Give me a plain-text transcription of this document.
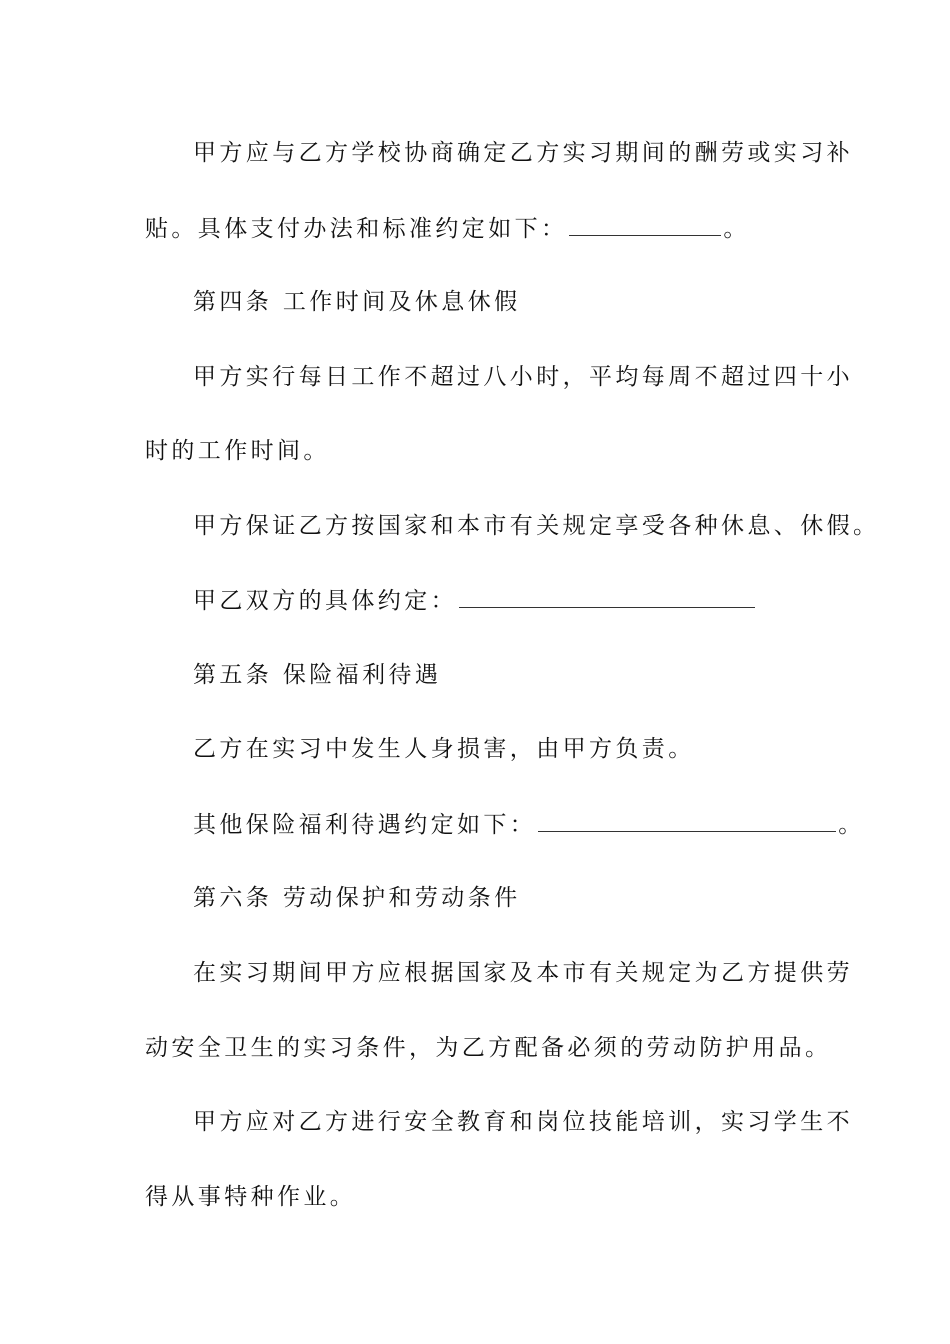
甲方应与乙方学校协商确定乙方实习期间的酬劳或实习补
贴。具体支付办法和标准约定如下：	。
第四条 工作时间及休息休假
甲方实行每日工作不超过八小时，平均每周不超过四十小
时的工作时间。
甲方保证乙方按国家和本市有关规定享受各种休息、休假。
甲乙双方的具体约定：
第五条 保险福利待遇
乙方在实习中发生人身损害，由甲方负责。
其他保险福利待遇约定如下：	。
第六条 劳动保护和劳动条件
在实习期间甲方应根据国家及本市有关规定为乙方提供劳
动安全卫生的实习条件，为乙方配备必须的劳动防护用品。
甲方应对乙方进行安全教育和岗位技能培训，实习学生不
得从事特种作业。
